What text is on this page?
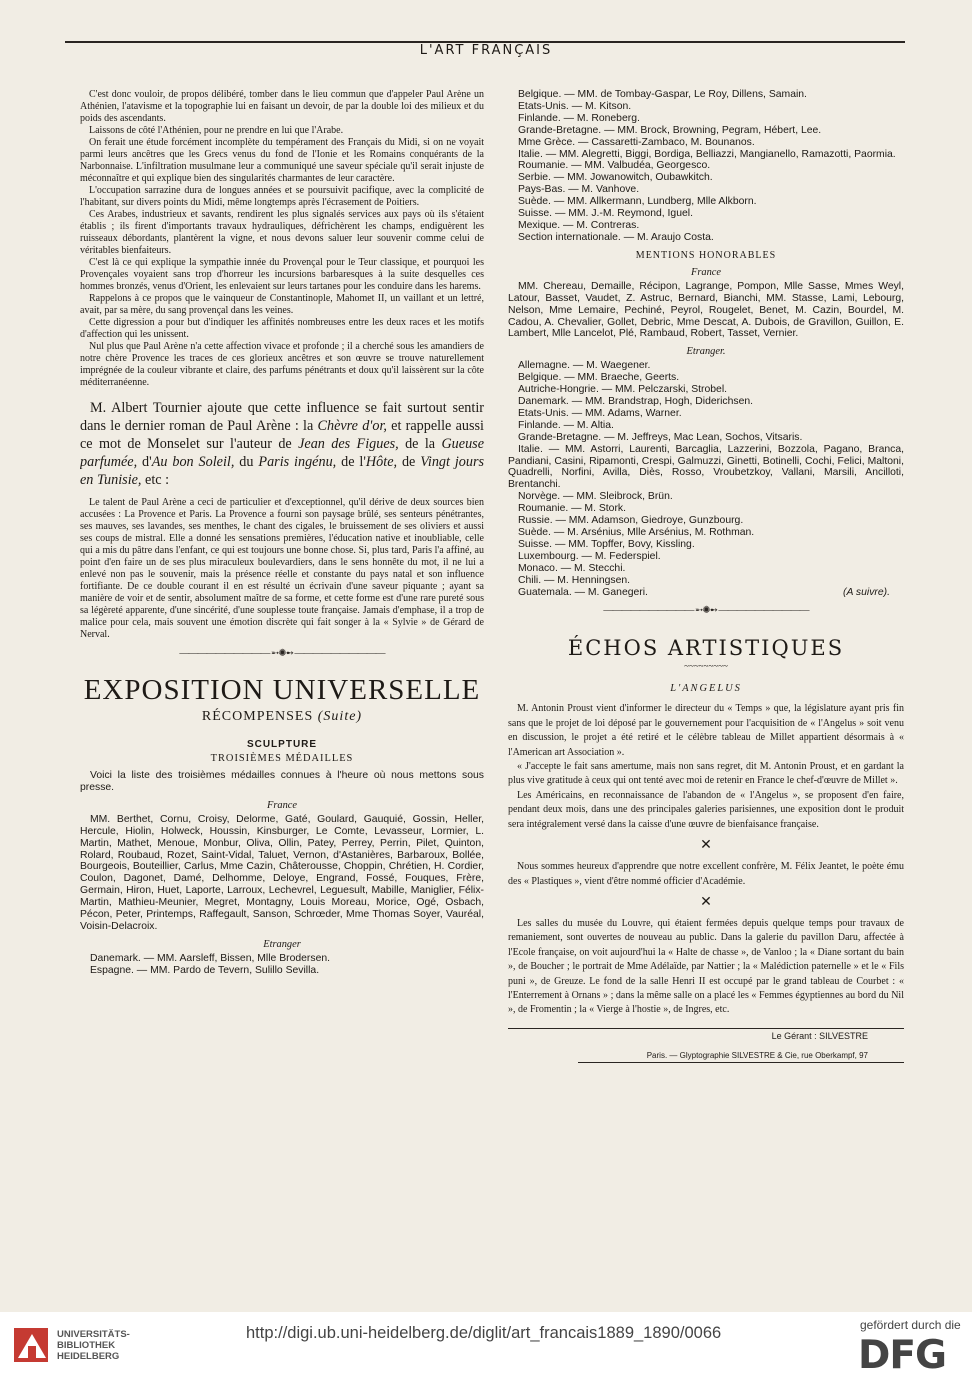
L'ART FRANÇAIS

C'est donc vouloir, de propos délibéré, tomber dans le lieu commun que d'appeler Paul Arène un Athénien, l'atavisme et la topographie lui en faisant un devoir, de par la double loi des milieux et du poids des ascendants.

Laissons de côté l'Athénien, pour ne prendre en lui que l'Arabe.

On ferait une étude forcément incomplète du tempérament des Français du Midi, si on ne voyait parmi leurs ancêtres que les Grecs venus du fond de l'Ionie et les Romains conquérants de la Narbonnaise. L'infiltration musulmane leur a communiqué une saveur spéciale qu'il serait injuste de méconnaître et qui explique bien des singularités charmantes de leur caractère.

L'occupation sarrazine dura de longues années et se poursuivit pacifique, avec la complicité de l'habitant, sur divers points du Midi, même longtemps après l'écrasement de Poitiers.

Ces Arabes, industrieux et savants, rendirent les plus signalés services aux pays où ils s'étaient établis ; ils firent d'importants travaux hydrauliques, défrichèrent les champs, endiguèrent les ruisseaux débordants, plantèrent la vigne, et nous devons saluer leur souvenir comme celui de véritables bienfaiteurs.

C'est là ce qui explique la sympathie innée du Provençal pour le Teur classique, et pourquoi les Provençales voyaient sans trop d'horreur les incursions barbaresques à la suite desquelles ces hommes bronzés, venus d'Orient, les enlevaient sur leurs tartanes pour les conduire dans les harems.

Rappelons à ce propos que le vainqueur de Constantinople, Mahomet II, un vaillant et un lettré, avait, par sa mère, du sang provençal dans les veines.

Cette digression a pour but d'indiquer les affinités nombreuses entre les deux races et les motifs d'affection qui les unissent.

Nul plus que Paul Arène n'a cette affection vivace et profonde ; il a cherché sous les amandiers de notre chère Provence les traces de ces glorieux ancêtres et son œuvre se trouve naturellement imprégnée de la couleur vibrante et claire, des parfums pénétrants et doux qu'il laissèrent sur la côte méditerranéenne.

M. Albert Tournier ajoute que cette influence se fait surtout sentir dans le dernier roman de Paul Arène : la Chèvre d'or, et rappelle aussi ce mot de Monselet sur l'auteur de Jean des Figues, de la Gueuse parfumée, d'Au bon Soleil, du Paris ingénu, de l'Hôte, de Vingt jours en Tunisie, etc :

Le talent de Paul Arène a ceci de particulier et d'exceptionnel, qu'il dérive de deux sources bien accusées : La Provence et Paris. La Provence a fourni son paysage brûlé, ses senteurs pénétrantes, ses mauves, ses lavandes, ses menthes, le chant des cigales, le bruissement de ses oliviers et aussi ses coups de mistral. Elle a donné les sensations premières, l'éducation native et inoubliable, celle qui a mis du pâtre dans l'enfant, ce qui est toujours une bonne chose. Si, plus tard, Paris l'a affiné, au point d'en faire un de ses plus miraculeux boulevardiers, dans le sens honnête du mot, il ne lui a enlevé non pas le souvenir, mais la présence réelle et constante du pays natal et son influence fortifiante. De ce double courant il en est résulté un écrivain d'une saveur piquante ; ayant sa manière de voir et de sentir, absolument maître de sa forme, et cette forme est d'une rare pureté sous sa légèreté apparente, d'une sincérité, d'une souplesse toute française. Jamais d'emphase, il a trop de malice pour cela, mais souvent une émotion discrète qui fait songer à la « Sylvie » de Gérard de Nerval.

—————————— ➵✺➻ ——————————
EXPOSITION UNIVERSELLE
RÉCOMPENSES (Suite)
SCULPTURE
TROISIÈMES MÉDAILLES

Voici la liste des troisièmes médailles connues à l'heure où nous mettons sous presse.

France

MM. Berthet, Cornu, Croisy, Delorme, Gaté, Goulard, Gauquié, Gossin, Heller, Hercule, Hiolin, Holweck, Houssin, Kinsburger, Le Comte, Levasseur, Lormier, L. Martin, Mathet, Menoue, Monbur, Oliva, Ollin, Patey, Perrey, Perrin, Pilet, Quinton, Rolard, Roubaud, Rozet, Saint-Vidal, Taluet, Vernon, d'Astanières, Barbaroux, Bollée, Bourgeois, Bouteillier, Carlus, Mme Cazin, Châterousse, Choppin, Chrétien, H. Cordier, Coulon, Dagonet, Damé, Delhomme, Deloye, Engrand, Fossé, Fouques, Frère, Germain, Hiron, Huet, Laporte, Larroux, Lechevrel, Leguesult, Mabille, Maniglier, Félix-Martin, Mathieu-Meunier, Megret, Montagny, Louis Moreau, Morice, Ogé, Osbach, Pécon, Peter, Printemps, Raffegault, Sanson, Schrœder, Mme Thomas Soyer, Vauréal, Voisin-Delacroix.

Etranger

Danemark. — MM. Aarsleff, Bissen, Mlle Brodersen.

Espagne. — MM. Pardo de Tevern, Sulillo Sevilla.

Belgique. — MM. de Tombay-Gaspar, Le Roy, Dillens, Samain.

Etats-Unis. — M. Kitson.

Finlande. — M. Roneberg.

Grande-Bretagne. — MM. Brock, Browning, Pegram, Hébert, Lee.

Mme Grèce. — Cassaretti-Zambaco, M. Bounanos.

Italie. — MM. Alegretti, Biggi, Bordiga, Belliazzi, Mangianello, Ramazotti, Paormia.

Roumanie. — MM. Valbudéa, Georgesco.

Serbie. — MM. Jowanowitch, Oubawkitch.

Pays-Bas. — M. Vanhove.

Suède. — MM. Allkermann, Lundberg, Mlle Alkborn.

Suisse. — MM. J.-M. Reymond, Iguel.

Mexique. — M. Contreras.

Section internationale. — M. Araujo Costa.

MENTIONS HONORABLES
France

MM. Chereau, Demaille, Récipon, Lagrange, Pompon, Mlle Sasse, Mmes Weyl, Latour, Basset, Vaudet, Z. Astruc, Bernard, Bianchi, MM. Stasse, Lami, Lebourg, Nelson, Mme Lemaire, Pechiné, Peyrol, Rougelet, Benet, M. Cazin, Bourdel, M. Cadou, A. Chevalier, Gollet, Debric, Mme Descat, A. Dubois, de Gravillon, Guillon, E. Lambert, Mlle Lancelot, Plé, Rambaud, Robert, Tasset, Vernier.

Etranger.

Allemagne. — M. Waegener.

Belgique. — MM. Braeche, Geerts.

Autriche-Hongrie. — MM. Pelczarski, Strobel.

Danemark. — MM. Brandstrap, Hogh, Diderichsen.

Etats-Unis. — MM. Adams, Warner.

Finlande. — M. Altia.

Grande-Bretagne. — M. Jeffreys, Mac Lean, Sochos, Vitsaris.

Italie. — MM. Astorri, Laurenti, Barcaglia, Lazzerini, Bozzola, Pagano, Branca, Pandiani, Casini, Ripamonti, Crespi, Galmuzzi, Ginetti, Botinelli, Cochi, Felici, Maltoni, Quadrelli, Norfini, Avilla, Diès, Rosso, Vroubetzkoy, Vallani, Marsili, Ancilloti, Brentanchi.

Norvège. — MM. Sleibrock, Brün.

Roumanie. — M. Stork.

Russie. — MM. Adamson, Giedroye, Gunzbourg.

Suède. — M. Arsénius, Mlle Arsénius, M. Rothman.

Suisse. — MM. Topffer, Bovy, Kissling.

Luxembourg. — M. Federspiel.

Monaco. — M. Stecchi.

Chili. — M. Henningsen.

Guatemala. — M. Ganegeri.	(A suivre).

—————————— ➵✺➻ ——————————
ÉCHOS ARTISTIQUES
~~~~~~~~~
L'ANGELUS

M. Antonin Proust vient d'informer le directeur du « Temps » que, la législature ayant pris fin sans que le projet de loi déposé par le gouvernement pour l'acquisition de « l'Angelus » soit venu en discussion, le projet a été retiré et le célèbre tableau de Millet appartient désormais à « l'American art Association ».

« J'accepte le fait sans amertume, mais non sans regret, dit M. Antonin Proust, et en gardant la plus vive gratitude à ceux qui ont tenté avec moi de retenir en France le chef-d'œuvre de Millet ».

Les Américains, en reconnaissance de l'abandon de « l'Angelus », se proposent d'en faire, pendant deux mois, dans une des principales galeries parisiennes, une exposition dont le produit sera intégralement versé dans la caisse d'une œuvre de bienfaisance française.

✕

Nous sommes heureux d'apprendre que notre excellent confrère, M. Félix Jeantet, le poète ému des « Plastiques », vient d'être nommé officier d'Académie.

✕

Les salles du musée du Louvre, qui étaient fermées depuis quelque temps pour travaux de remaniement, sont ouvertes de nouveau au public. Dans la galerie du pavillon Daru, affectée à l'Ecole française, on voit aujourd'hui la « Halte de chasse », de Vanloo ; la « Diane sortant du bain », de Boucher ; le portrait de Mme Adélaïde, par Nattier ; la « Malédiction paternelle » et le « Fils puni », de Greuze. Le fond de la salle Henri II est occupé par le grand tableau de Courbet : « l'Enterrement à Ornans » ; dans la même salle on a placé les « Femmes égyptiennes au bord du Nil », de Fromentin ; la « Vierge à l'hostie », de Ingres, etc.

Le Gérant : SILVESTRE
Paris. — Glyptographie SILVESTRE & Cie, rue Oberkampf, 97
UNIVERSITÄTS-
BIBLIOTHEK
HEIDELBERG
http://digi.ub.uni-heidelberg.de/diglit/art_francais1889_1890/0066	gefördert durch die
DFG
